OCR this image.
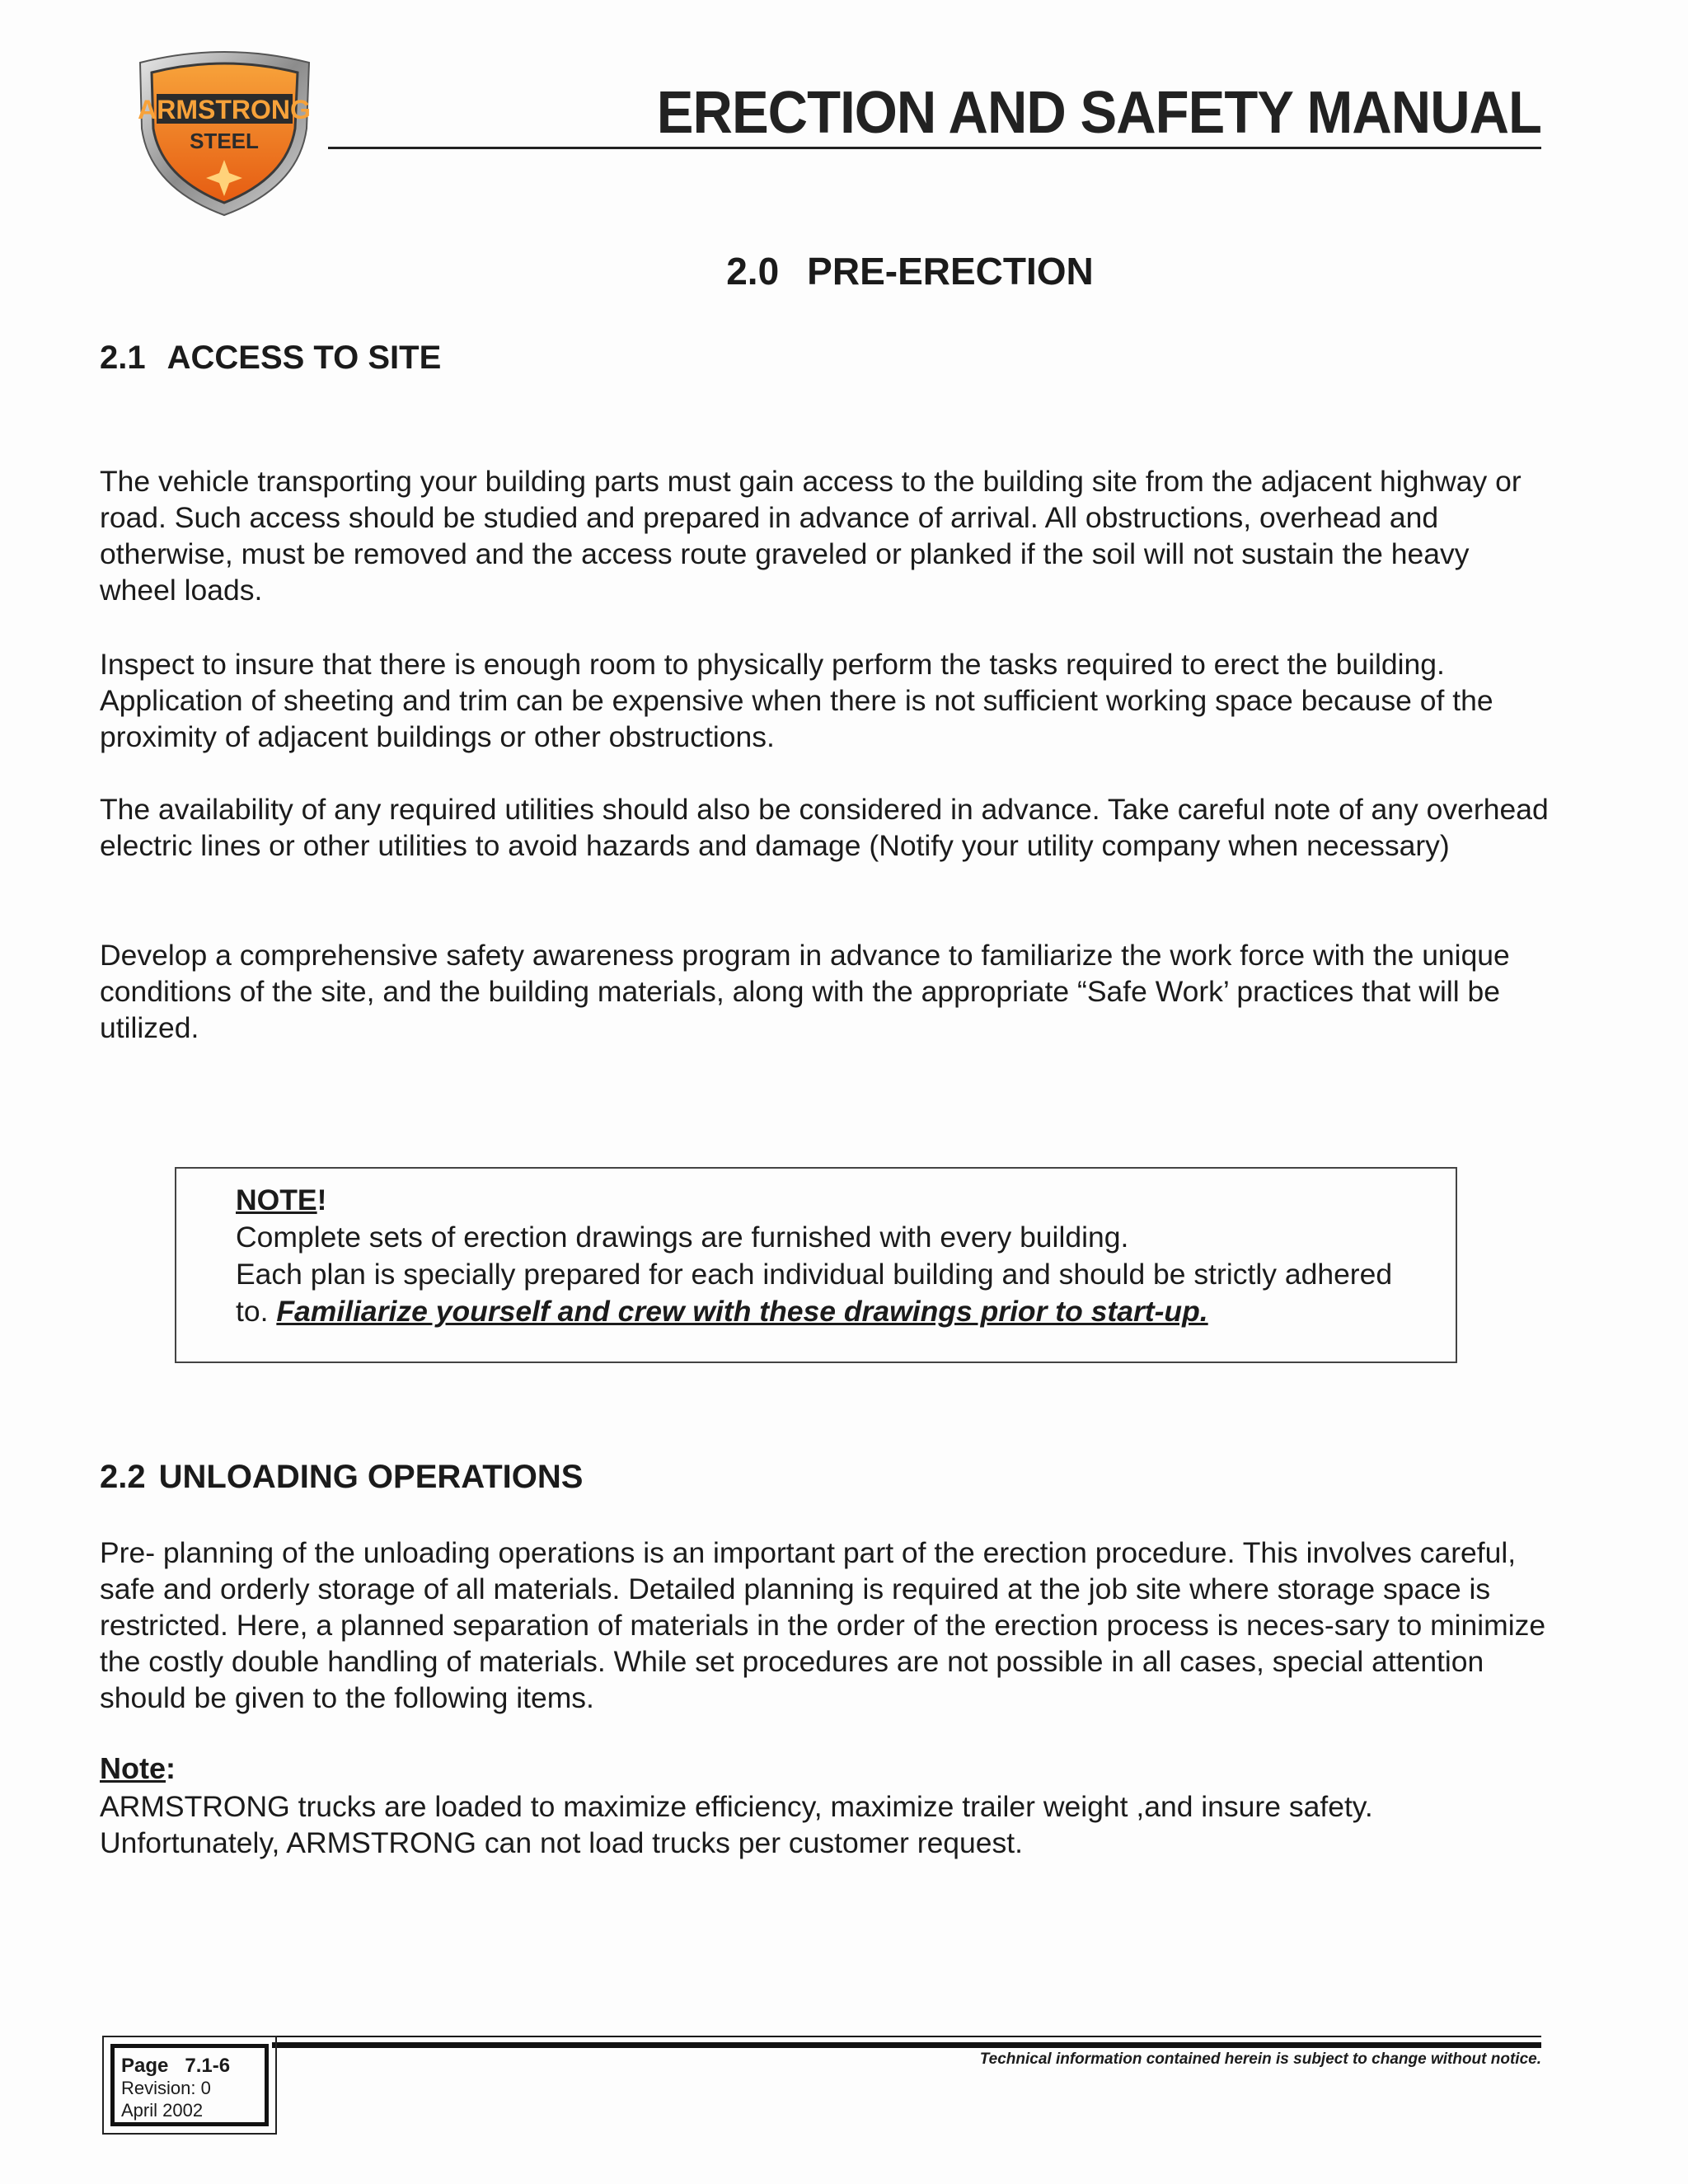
ARMSTRONG
STEEL	ERECTION AND SAFETY MANUAL
2.0 PRE-ERECTION
2.1 ACCESS TO SITE

The vehicle transporting your building parts must gain access to the building site from the adjacent highway or road. Such access should be studied and prepared in advance of arrival. All obstructions, overhead and otherwise, must be removed and the access route graveled or planked if the soil will not sustain the heavy wheel loads.

Inspect to insure that there is enough room to physically perform the tasks required to erect the building. Application of sheeting and trim can be expensive when there is not sufficient working space because of the proximity of adjacent buildings or other obstructions.

The availability of any required utilities should also be considered in advance. Take careful note of any overhead electric lines or other utilities to avoid hazards and damage (Notify your utility company when necessary)

Develop a comprehensive safety awareness program in advance to familiarize the work force with the unique conditions of the site, and the building materials, along with the appropriate “Safe Work’ practices that will be utilized.

NOTE!
Complete sets of erection drawings are furnished with every building.
Each plan is specially prepared for each individual building and should be strictly adhered to. Familiarize yourself and crew with these drawings prior to start-up.
2.2 UNLOADING OPERATIONS

Pre- planning of the unloading operations is an important part of the erection procedure. This involves careful, safe and orderly storage of all materials. Detailed planning is required at the job site where storage space is restricted. Here, a planned separation of materials in the order of the erection process is neces-sary to minimize the costly double handling of materials. While set procedures are not possible in all cases, special attention should be given to the following items.

Note:

ARMSTRONG trucks are loaded to maximize efficiency, maximize trailer weight ,and insure safety.
Unfortunately, ARMSTRONG can not load trucks per customer request.

Page 7.1-6
Revision: 0
April 2002
Technical information contained herein is subject to change without notice.
